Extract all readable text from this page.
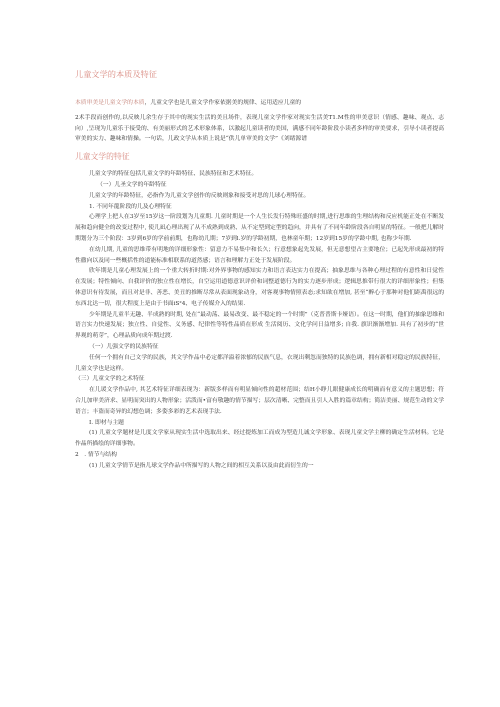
儿童文学的本质及特征

本质审美是儿童文学的本质，儿童文学也是儿童文学作家依据美的规律、运用适应儿童的

2术手段而创作的,以反映儿余生存于其中的现实生活的美且场件，表现儿童文学作家对现实生活美T1.M性的审美意识（情感、趣味、观点、志向）,呈现为儿童乐于接受的、有美丽形式的艺术形象体系，以激起儿童读者的美国，满感不同年龄阶段小读者多样的审美要求，引导小读者提高审美的实力、趣味和情操。一句话，儿政文学从本质上说是“供儿单审美的文学”《刘绪源谱

儿童文学的特征

儿童文学的特征包括儿童文学的年龄特征、民族特征和艺术特征。

（一）儿圣文学的年龄特征

儿童文学的年龄特征，必指作为儿童文学创作的反映则象和接受对思的儿球心理特征。

1. 不同年龍阶段的儿及心理特征

心理学上把人在3岁至15岁这一阶段划为儿童期. 儿童时期是一个人生长发行特殊旺盛的时期,进行思维的生理结构和反应机能正处在不断发展和趋向健全的改变过程中, 使儿凪心理出现了从不成熟到成熟、从不定型到定型的趋向，并具有了不同年龄阶段各自明显的特征。一般把儿解时期划分为三个阶段：3岁到6岁的学前前期，也称幼儿期；7岁到l.岁的学龄初期，也林童年期；12岁到15岁的学龄中期, 也称少年期.

在幼儿期, 儿童的思维带有明地的详细形象性：留意力不易集中和长久；行意想象起先发展，但无意想望占主要地位；已起先形成最初的特性徹向以及同一些概括性的道能标准相联系的道然感；语言和理解力正处于发展阶段。

欣年期是儿童心理发展上的一个重大转折时期:对外界事物的感知实力和语言表达实力在提高；抽象思维与各种心理过程的有意性和日觉性在发展；特性倾向、自我评价的独立性在增长，自空运用道德意识评价和词整道德行为的实力逐步形成；逻辑思推带行很大的详细形象性；但集体意识有待发展，而且对是非、善恶、美丑的推断尽常从表面现象动身，对客观事物情照表态;求知欲在增加, 甚至“醉心于那种对他们距禹很远的东西北达一切，很大程度上是由于书面iS²4、电子传媒介入的结果.

少年期是儿童半无趣、半成熟的时期, 处在“最动荡、最易改变、最不稳定的一个时期”（克普普斯卡娅语）。在这一时期，他们的抽象思维和语言实力快速发展；独立性、自觉性、义务感、纪律性等特性品质在形成 生活阅历、文化学问日益增多; 自我. 旗识渐渐增加. 具有了初步的“世界观的萌芽”，心理品质向成年期过渡.

（一）儿强文学的民族特征

任何一个拥有自己文学的民族，其文学作品中必定都洋溢着浓郁的民族气息，衣现出剩忽而独特的民族色调，拥有新相对稳定的民族特征，儿童文学也是这样。

（三）儿童文学的之术特征

在儿谖文学作品中, 其艺术特征详细表现为：新版多样而有明显倾向性的超材范围；结H小睁儿眼健康成长的明确而有意义的主题思想；符合儿加审美济求、显明而突出的人物形象；活泼而•富有敬趣的情节描写；层次清晰、完整而且引人入胜的篇章结构；简洁美丽、规范生动的文学语言；丰盗而奇异的幻想色调；多姿多彩的艺术表现手法.

I. 即材与主题

(1) 儿童文学题材是儿度文学家从现实生活中选取出来、经过提炼加工而成为型造儿诚文学形象、表现儿童文学主柳的确定生活材料。它是作晶所描绘的详细事物。

2 . 情节与结构

(1) 儿童文学情节是指儿球文学作品中所描写的人物之间的相互关系以及由此而衍生的一
